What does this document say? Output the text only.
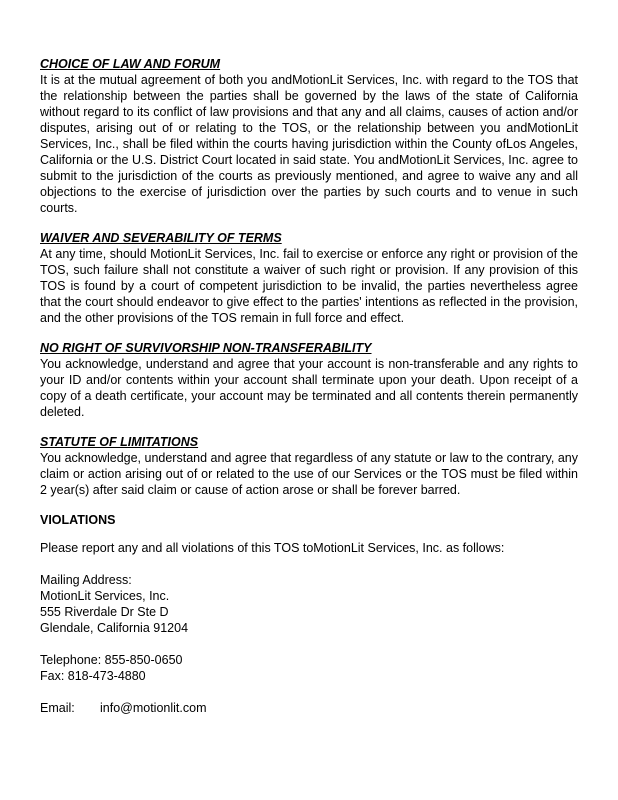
CHOICE OF LAW AND FORUM

It is at the mutual agreement of both you andMotionLit Services, Inc. with regard to the TOS that the relationship between the parties shall be governed by the laws of the state of California without regard to its conflict of law provisions and that any and all claims, causes of action and/or disputes, arising out of or relating to the TOS, or the relationship between you andMotionLit Services, Inc., shall be filed within the courts having jurisdiction within the County ofLos Angeles, California or the U.S. District Court located in said state. You andMotionLit Services, Inc. agree to submit to the jurisdiction of the courts as previously mentioned, and agree to waive any and all objections to the exercise of jurisdiction over the parties by such courts and to venue in such courts.

WAIVER AND SEVERABILITY OF TERMS

At any time, should MotionLit Services, Inc. fail to exercise or enforce any right or provision of the TOS, such failure shall not constitute a waiver of such right or provision. If any provision of this TOS is found by a court of competent jurisdiction to be invalid, the parties nevertheless agree that the court should endeavor to give effect to the parties' intentions as reflected in the provision, and the other provisions of the TOS remain in full force and effect.

NO RIGHT OF SURVIVORSHIP NON-TRANSFERABILITY

You acknowledge, understand and agree that your account is non-transferable and any rights to your ID and/or contents within your account shall terminate upon your death. Upon receipt of a copy of a death certificate, your account may be terminated and all contents therein permanently deleted.

STATUTE OF LIMITATIONS

You acknowledge, understand and agree that regardless of any statute or law to the contrary, any claim or action arising out of or related to the use of our Services or the TOS must be filed within 2 year(s) after said claim or cause of action arose or shall be forever barred.

VIOLATIONS

Please report any and all violations of this TOS toMotionLit Services, Inc. as follows:

Mailing Address:

MotionLit Services, Inc.

555 Riverdale Dr Ste D

Glendale, California 91204

Telephone: 855-850-0650

Fax: 818-473-4880

Email:	info@motionlit.com
